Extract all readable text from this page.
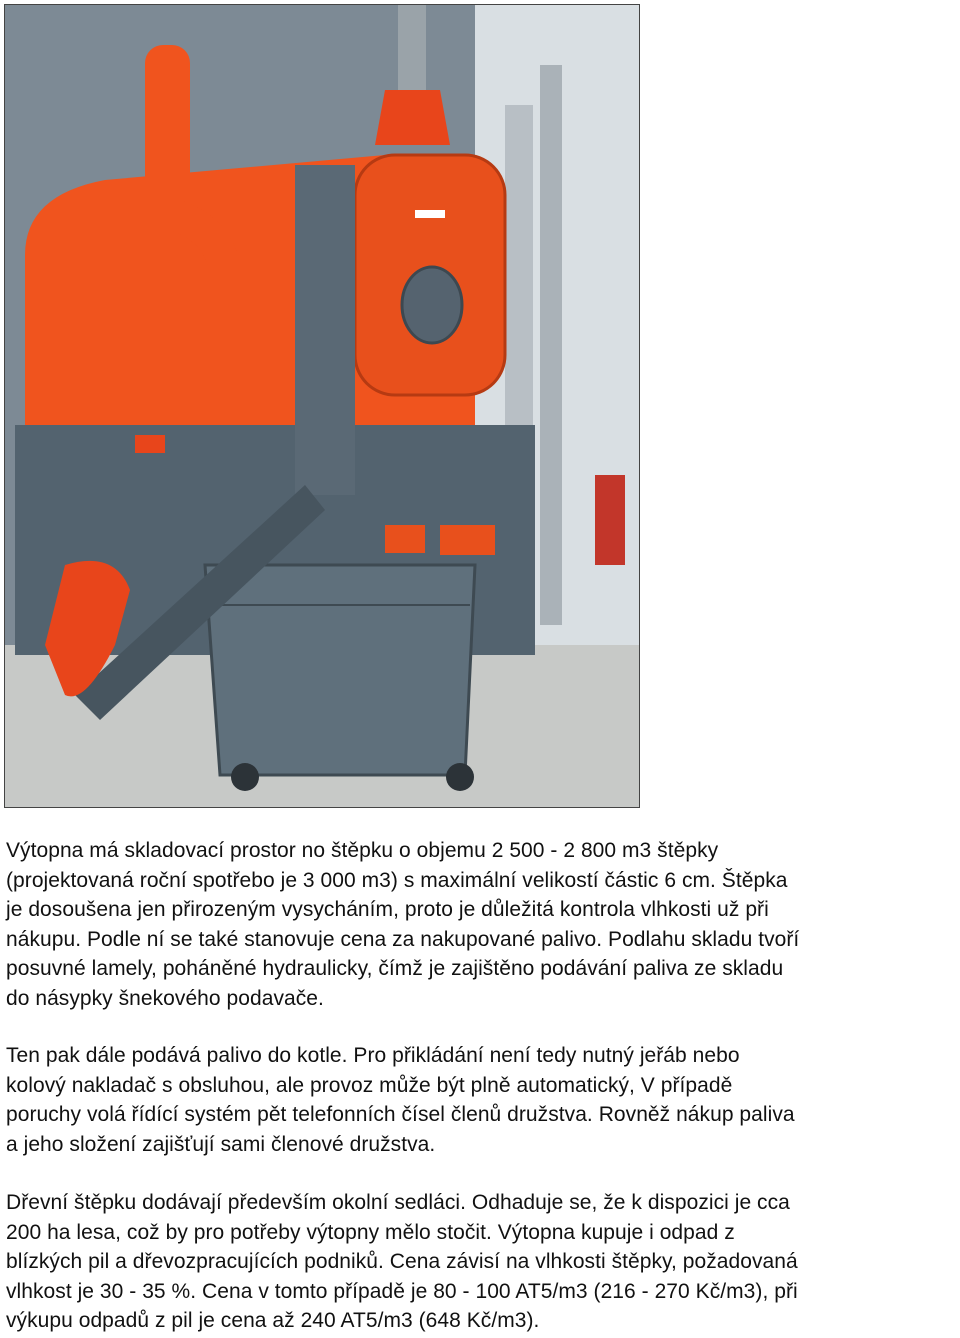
Výtopna má skladovací prostor no štěpku o objemu 2 500 - 2 800 m3 štěpky
(projektovaná roční spotřebo je 3 000 m3) s maximální velikostí částic 6 cm. Štěpka
je dosoušena jen přirozeným vysycháním, proto je důležitá kontrola vlhkosti už při
nákupu. Podle ní se také stanovuje cena za nakupované palivo. Podlahu skladu tvoří
posuvné lamely, poháněné hydraulicky, čímž je zajištěno podávání paliva ze skladu
do násypky šnekového podavače.

Ten pak dále podává palivo do kotle. Pro přikládání není tedy nutný jeřáb nebo
kolový nakladač s obsluhou, ale provoz může být plně automatický, V případě
poruchy volá řídící systém pět telefonních čísel členů družstva. Rovněž nákup paliva
a jeho složení zajišťují sami členové družstva.

Dřevní štěpku dodávají především okolní sedláci. Odhaduje se, že k dispozici je cca
200 ha lesa, což by pro potřeby výtopny mělo stočit. Výtopna kupuje i odpad z
blízkých pil a dřevozpracujících podniků. Cena závisí na vlhkosti štěpky, požadovaná
vlhkost je 30 - 35 %. Cena v tomto případě je 80 - 100 AT5/m3 (216 - 270 Kč/m3), při
výkupu odpadů z pil je cena až 240 AT5/m3 (648 Kč/m3).
